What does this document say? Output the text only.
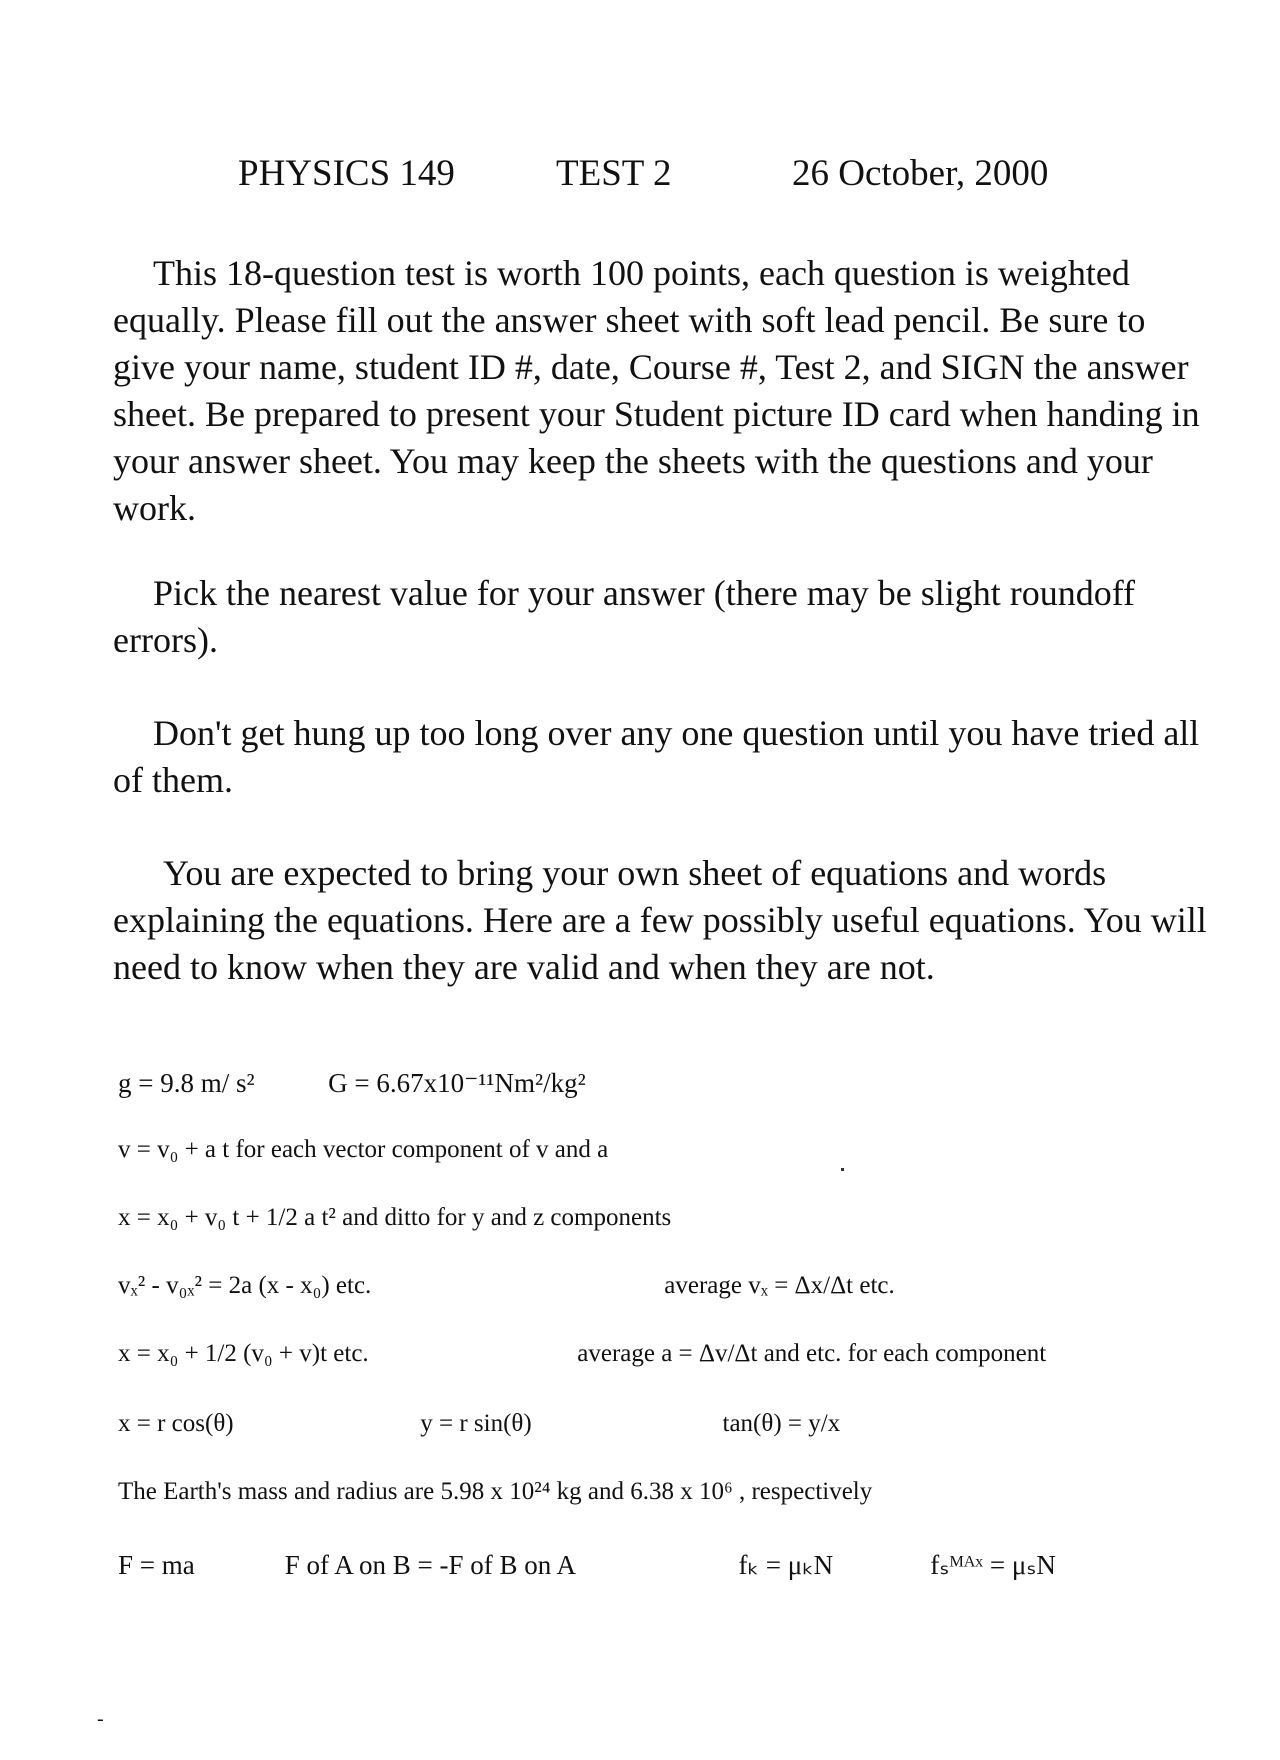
PHYSICS 149	TEST 2	26 October, 2000

This 18-question test is worth 100 points, each question is weighted equally. Please fill out the answer sheet with soft lead pencil. Be sure to give your name, student ID #, date, Course #, Test 2, and SIGN the answer sheet. Be prepared to present your Student picture ID card when handing in your answer sheet. You may keep the sheets with the questions and your work.

Pick the nearest value for your answer (there may be slight roundoff errors).

Don't get hung up too long over any one question until you have tried all of them.

You are expected to bring your own sheet of equations and words explaining the equations. Here are a few possibly useful equations. You will need to know when they are valid and when they are not.

g = 9.8 m/ s²	G = 6.67x10⁻¹¹Nm²/kg²
v = v₀ + a t for each vector component of v and a
x = x₀ + v₀ t + 1/2 a t² and ditto for y and z components
vₓ² - v₀ₓ² = 2a (x - x₀) etc.	average vₓ = Δx/Δt etc.
x = x₀ + 1/2 (v₀ + v)t etc.	average a = Δv/Δt and etc. for each component
x = r cos(θ)	y = r sin(θ)	tan(θ) = y/x
The Earth's mass and radius are 5.98 x 10²⁴ kg and 6.38 x 10⁶ , respectively
F = ma	F of A on B = -F of B on A	fₖ = μₖN	fₛᴹᴬˣ = μₛN
-
